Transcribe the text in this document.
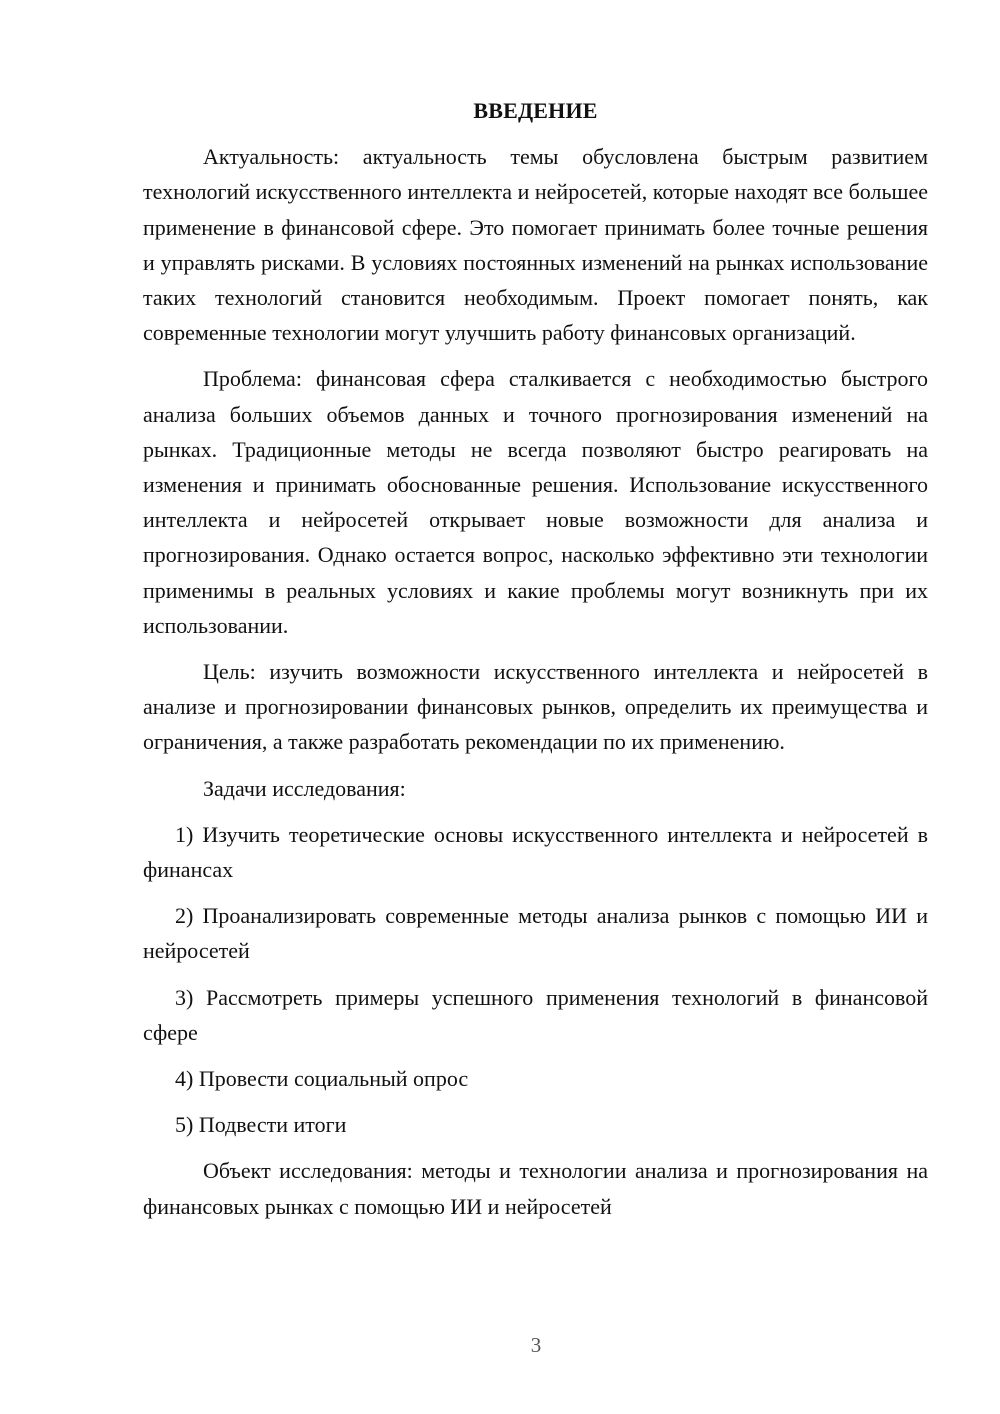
ВВЕДЕНИЕ

Актуальность: актуальность темы обусловлена быстрым развитием технологий искусственного интеллекта и нейросетей, которые находят все большее применение в финансовой сфере. Это помогает принимать более точные решения и управлять рисками. В условиях постоянных изменений на рынках использование таких технологий становится необходимым. Проект помогает понять, как современные технологии могут улучшить работу финансовых организаций.

Проблема: финансовая сфера сталкивается с необходимостью быстрого анализа больших объемов данных и точного прогнозирования изменений на рынках. Традиционные методы не всегда позволяют быстро реагировать на изменения и принимать обоснованные решения. Использование искусственного интеллекта и нейросетей открывает новые возможности для анализа и прогнозирования. Однако остается вопрос, насколько эффективно эти технологии применимы в реальных условиях и какие проблемы могут возникнуть при их использовании.

Цель: изучить возможности искусственного интеллекта и нейросетей в анализе и прогнозировании финансовых рынков, определить их преимущества и ограничения, а также разработать рекомендации по их применению.

Задачи исследования:

1) Изучить теоретические основы искусственного интеллекта и нейросетей в финансах

2) Проанализировать современные методы анализа рынков с помощью ИИ и нейросетей

3) Рассмотреть примеры успешного применения технологий в финансовой сфере

4) Провести социальный опрос

5) Подвести итоги

Объект исследования: методы и технологии анализа и прогнозирования на финансовых рынках с помощью ИИ и нейросетей

3
